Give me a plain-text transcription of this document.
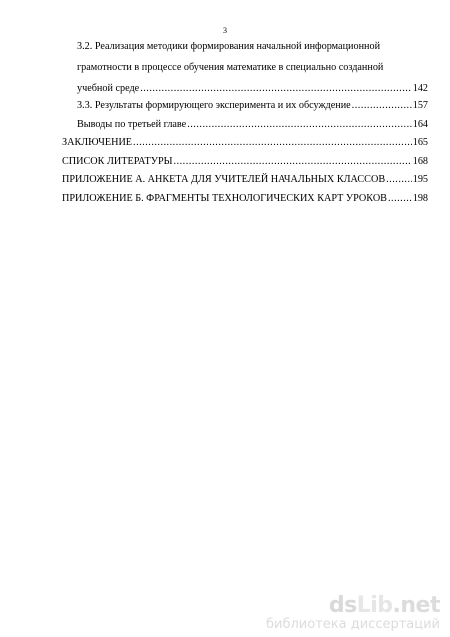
3
3.2. Реализация методики формирования начальной информационной
грамотности в процессе обучения математике в специально созданной
учебной среде .....	142
3.3. Результаты формирующего эксперимента и их обсуждение .....	157
Выводы по третьей главе .....	164
ЗАКЛЮЧЕНИЕ .....	165
СПИСОК ЛИТЕРАТУРЫ .....	168
ПРИЛОЖЕНИЕ А. АНКЕТА ДЛЯ УЧИТЕЛЕЙ НАЧАЛЬНЫХ КЛАССОВ .....	195
ПРИЛОЖЕНИЕ Б. ФРАГМЕНТЫ ТЕХНОЛОГИЧЕСКИХ КАРТ УРОКОВ .....	198
dsLib.net
библиотека диссертаций
